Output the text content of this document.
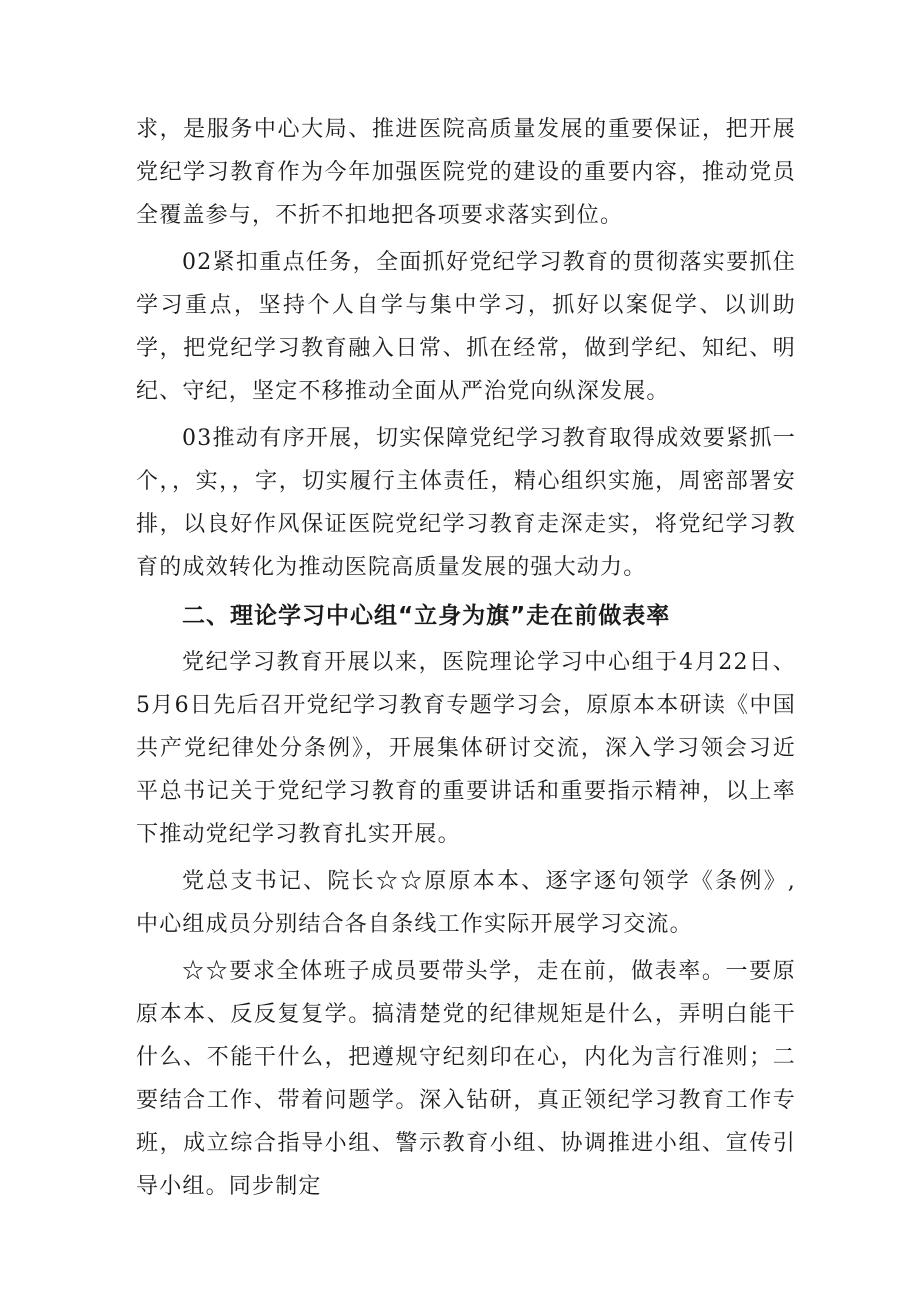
求，是服务中心大局、推进医院高质量发展的重要保证，把开展党纪学习教育作为今年加强医院党的建设的重要内容，推动党员全覆盖参与，不折不扣地把各项要求落实到位。

02紧扣重点任务，全面抓好党纪学习教育的贯彻落实要抓住学习重点，坚持个人自学与集中学习，抓好以案促学、以训助学，把党纪学习教育融入日常、抓在经常，做到学纪、知纪、明纪、守纪，坚定不移推动全面从严治党向纵深发展。

03推动有序开展，切实保障党纪学习教育取得成效要紧抓一个，，实，，字，切实履行主体责任，精心组织实施，周密部署安排，以良好作风保证医院党纪学习教育走深走实，将党纪学习教育的成效转化为推动医院高质量发展的强大动力。

二、理论学习中心组“立身为旗”走在前做表率

党纪学习教育开展以来，医院理论学习中心组于4月22日、5月6日先后召开党纪学习教育专题学习会，原原本本研读《中国共产党纪律处分条例》，开展集体研讨交流，深入学习领会习近平总书记关于党纪学习教育的重要讲话和重要指示精神，以上率下推动党纪学习教育扎实开展。

党总支书记、院长☆☆原原本本、逐字逐句领学《条例》, 中心组成员分别结合各自条线工作实际开展学习交流。

☆☆要求全体班子成员要带头学，走在前，做表率。一要原原本本、反反复复学。搞清楚党的纪律规矩是什么，弄明白能干什么、不能干什么，把遵规守纪刻印在心，内化为言行准则；二要结合工作、带着问题学。深入钻研，真正领纪学习教育工作专班，成立综合指导小组、警示教育小组、协调推进小组、宣传引导小组。同步制定
